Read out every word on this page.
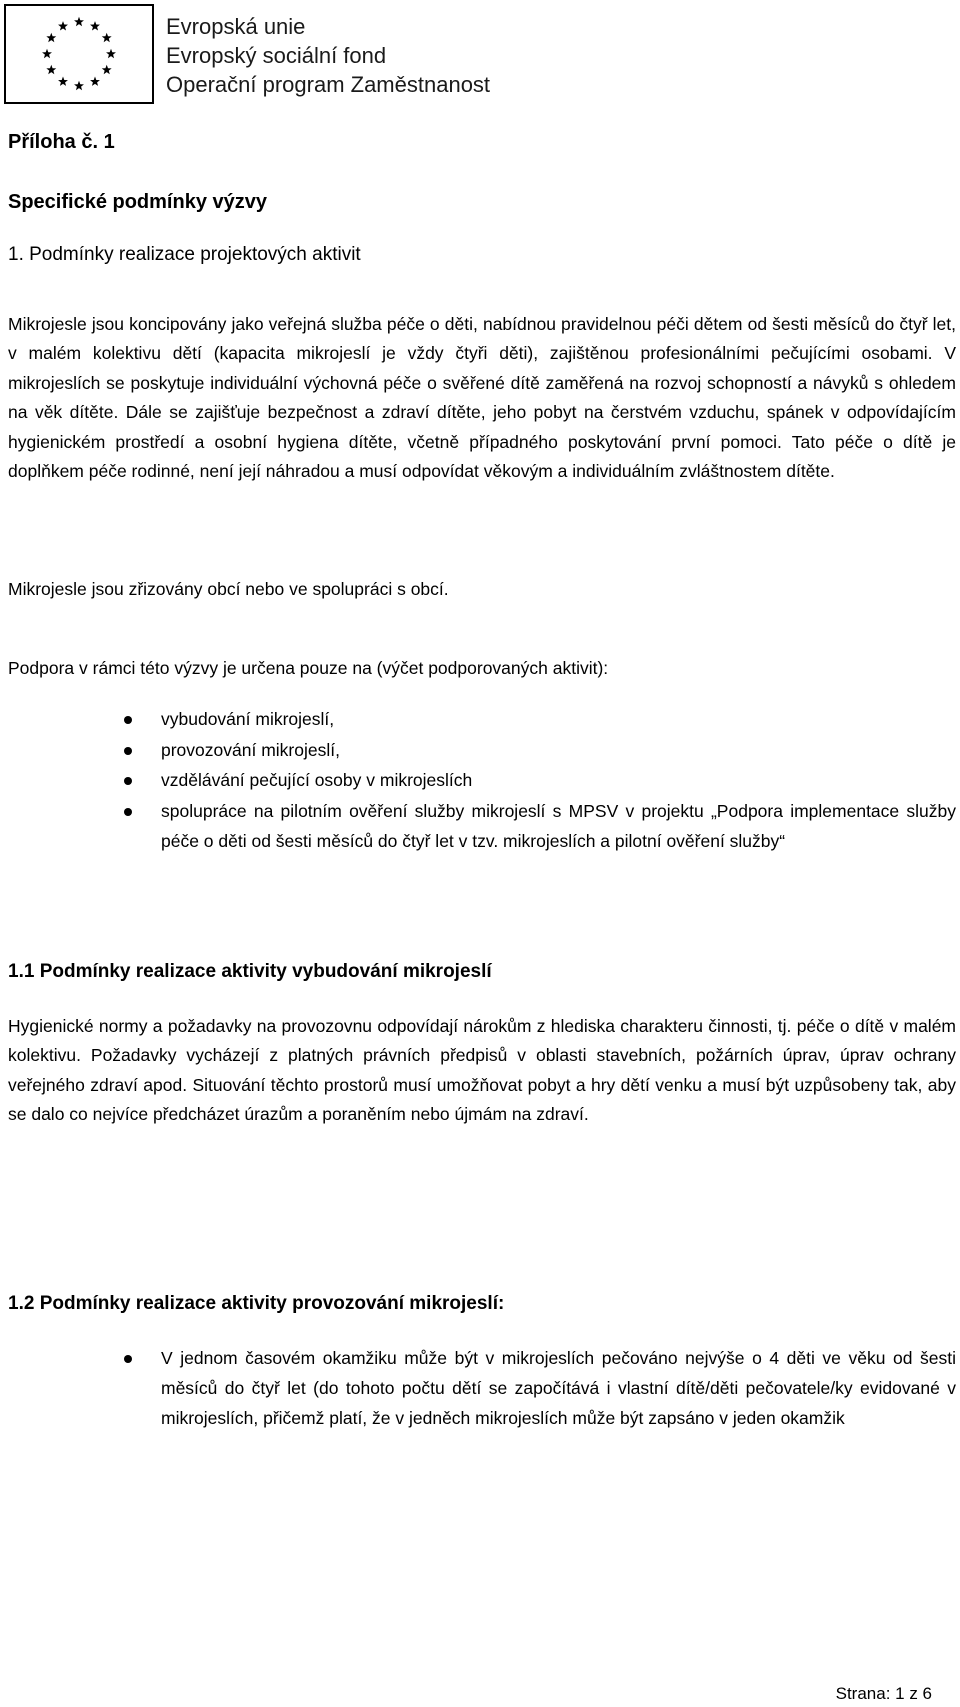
Evropská unie
Evropský sociální fond
Operační program Zaměstnanost
Příloha č. 1
Specifické podmínky výzvy
1. Podmínky realizace projektových aktivit
Mikrojesle jsou koncipovány jako veřejná služba péče o děti, nabídnou pravidelnou péči dětem od šesti měsíců do čtyř let, v malém kolektivu dětí (kapacita mikrojeslí je vždy čtyři děti), zajištěnou profesionálními pečujícími osobami. V mikrojeslích se poskytuje individuální výchovná péče o svěřené dítě zaměřená na rozvoj schopností a návyků s ohledem na věk dítěte. Dále se zajišťuje bezpečnost a zdraví dítěte, jeho pobyt na čerstvém vzduchu, spánek v odpovídajícím hygienickém prostředí a osobní hygiena dítěte, včetně případného poskytování první pomoci. Tato péče o dítě je doplňkem péče rodinné, není její náhradou a musí odpovídat věkovým a individuálním zvláštnostem dítěte.
Mikrojesle jsou zřizovány obcí nebo ve spolupráci s obcí.
Podpora v rámci této výzvy je určena pouze na (výčet podporovaných aktivit):
vybudování mikrojeslí,
provozování mikrojeslí,
vzdělávání pečující osoby v mikrojeslích
spolupráce na pilotním ověření služby mikrojeslí s MPSV v projektu „Podpora implementace služby péče o děti od šesti měsíců do čtyř let v tzv. mikrojeslích a pilotní ověření služby“
1.1 Podmínky realizace aktivity vybudování mikrojeslí
Hygienické normy a požadavky na provozovnu odpovídají nárokům z hlediska charakteru činnosti, tj. péče o dítě v malém kolektivu. Požadavky vycházejí z platných právních předpisů v oblasti stavebních, požárních úprav, úprav ochrany veřejného zdraví apod. Situování těchto prostorů musí umožňovat pobyt a hry dětí venku a musí být uzpůsobeny tak, aby se dalo co nejvíce předcházet úrazům a poraněním nebo újmám na zdraví.
1.2 Podmínky realizace aktivity provozování mikrojeslí:
V jednom časovém okamžiku může být v mikrojeslích pečováno nejvýše o 4 děti ve věku od šesti měsíců do čtyř let (do tohoto počtu dětí se započítává i vlastní dítě/děti pečovatele/ky evidované v mikrojeslích, přičemž platí, že v jedněch mikrojeslích může být zapsáno v jeden okamžik
Strana: 1 z 6
